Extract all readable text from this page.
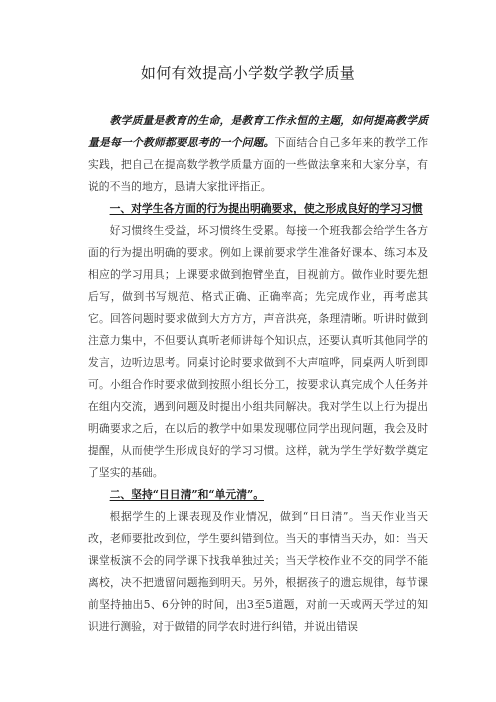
如何有效提高小学数学教学质量

教学质量是教育的生命，是教育工作永恒的主题，如何提高教学质量是每一个教师都要思考的一个问题。下面结合自己多年来的教学工作实践，把自己在提高数学教学质量方面的一些做法拿来和大家分享，有说的不当的地方，恳请大家批评指正。

一、对学生各方面的行为提出明确要求，使之形成良好的学习习惯

好习惯终生受益，坏习惯终生受累。每接一个班我都会给学生各方面的行为提出明确的要求。例如上课前要求学生准备好课本、练习本及相应的学习用具；上课要求做到抱臂坐直，目视前方。做作业时要先想后写，做到书写规范、格式正确、正确率高；先完成作业，再考虑其它。回答问题时要求做到大方方方，声音洪亮，条理清晰。听讲时做到注意力集中，不但要认真听老师讲每个知识点，还要认真听其他同学的发言，边听边思考。同桌讨论时要求做到不大声喧哗，同桌两人听到即可。小组合作时要求做到按照小组长分工，按要求认真完成个人任务并在组内交流，遇到问题及时提出小组共同解决。我对学生以上行为提出明确要求之后，在以后的教学中如果发现哪位同学出现问题，我会及时提醒，从而使学生形成良好的学习习惯。这样，就为学生学好数学奠定了坚实的基础。

二、坚持“日日清”和“单元清”。

根据学生的上课表现及作业情况，做到“日日清”。当天作业当天改，老师要批改到位，学生要纠错到位。当天的事情当天办，如：当天课堂板演不会的同学课下找我单独过关；当天学校作业不交的同学不能离校，决不把遗留问题拖到明天。另外，根据孩子的遗忘规律，每节课前坚持抽出5、6分钟的时间，出3至5道题，对前一天或两天学过的知识进行测验，对于做错的同学农时进行纠错，并说出错误
